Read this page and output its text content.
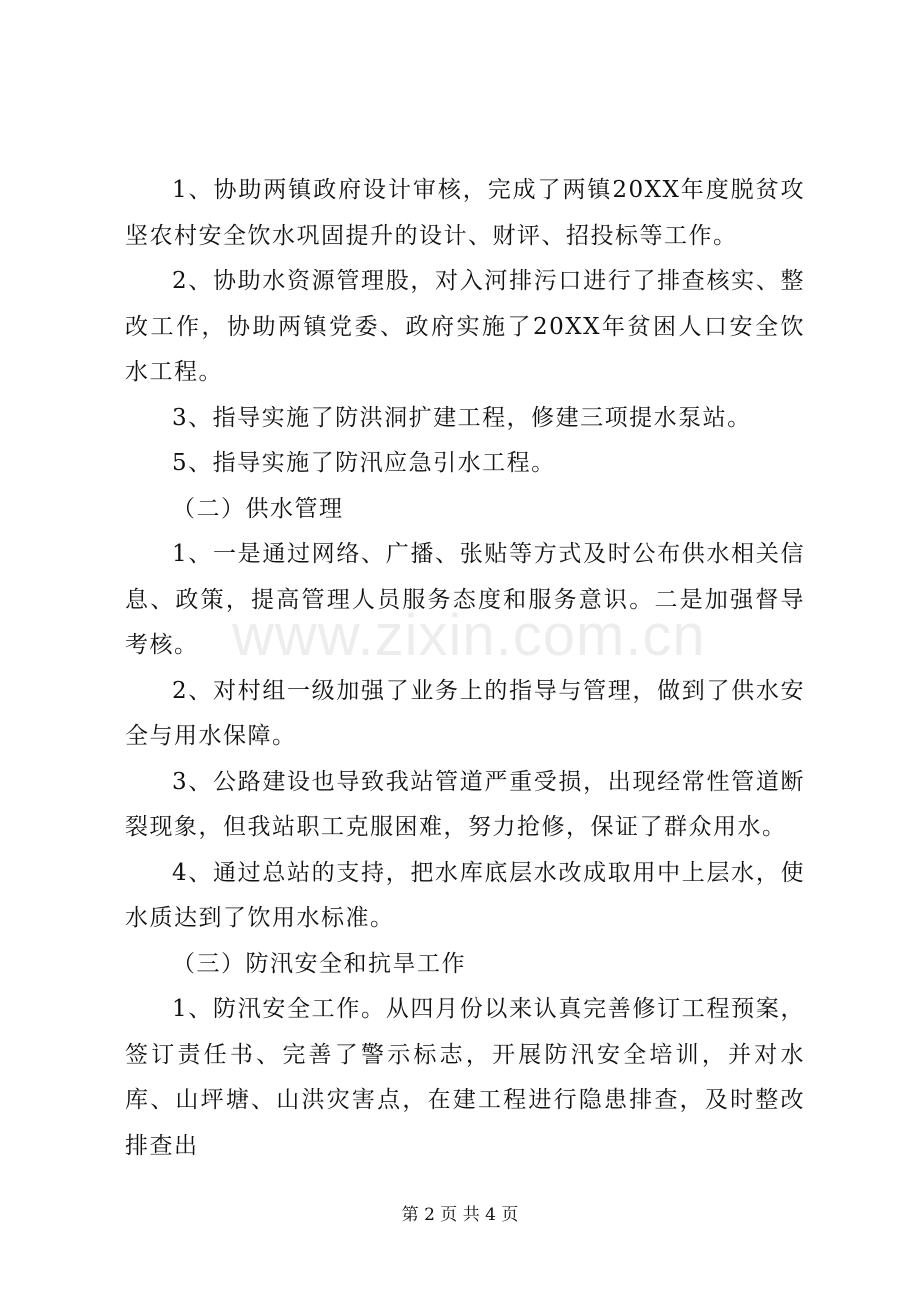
1、协助两镇政府设计审核，完成了两镇20XX年度脱贫攻坚农村安全饮水巩固提升的设计、财评、招投标等工作。

2、协助水资源管理股，对入河排污口进行了排查核实、整改工作，协助两镇党委、政府实施了20XX年贫困人口安全饮水工程。

3、指导实施了防洪洞扩建工程，修建三项提水泵站。

5、指导实施了防汛应急引水工程。

（二）供水管理

1、一是通过网络、广播、张贴等方式及时公布供水相关信息、政策，提高管理人员服务态度和服务意识。二是加强督导考核。

2、对村组一级加强了业务上的指导与管理，做到了供水安全与用水保障。

3、公路建设也导致我站管道严重受损，出现经常性管道断裂现象，但我站职工克服困难，努力抢修，保证了群众用水。

4、通过总站的支持，把水库底层水改成取用中上层水，使水质达到了饮用水标准。

（三）防汛安全和抗旱工作

1、防汛安全工作。从四月份以来认真完善修订工程预案，签订责任书、完善了警示标志，开展防汛安全培训，并对水库、山坪塘、山洪灾害点，在建工程进行隐患排查，及时整改排查出

www.zixin.com.cn
第 2 页 共 4 页
